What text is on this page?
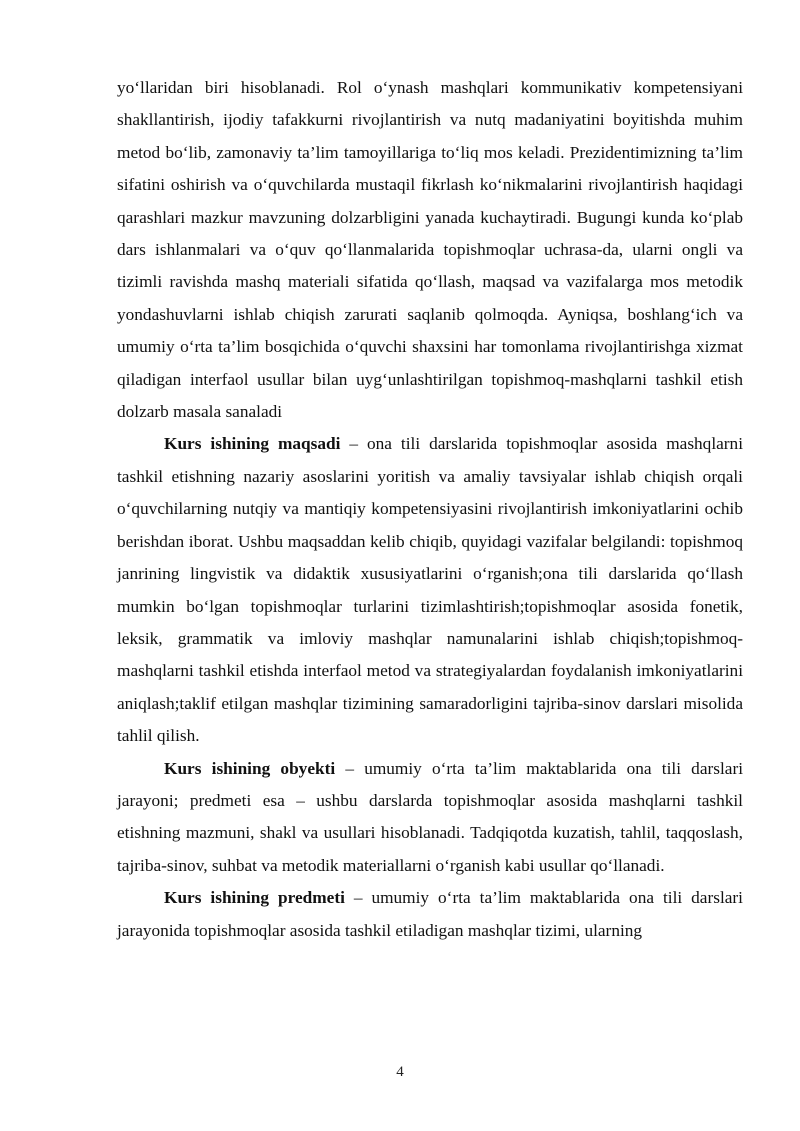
yo‘llaridan biri hisoblanadi. Rol o‘ynash mashqlari kommunikativ kompetensiyani shakllantirish, ijodiy tafakkurni rivojlantirish va nutq madaniyatini boyitishda muhim metod bo‘lib, zamonaviy ta’lim tamoyillariga to‘liq mos keladi. Prezidentimizning ta’lim sifatini oshirish va o‘quvchilarda mustaqil fikrlash ko‘nikmalarini rivojlantirish haqidagi qarashlari mazkur mavzuning dolzarbligini yanada kuchaytiradi. Bugungi kunda ko‘plab dars ishlanmalari va o‘quv qo‘llanmalarida topishmoqlar uchrasa-da, ularni ongli va tizimli ravishda mashq materiali sifatida qo‘llash, maqsad va vazifalarga mos metodik yondashuvlarni ishlab chiqish zarurati saqlanib qolmoqda. Ayniqsa, boshlang‘ich va umumiy o‘rta ta’lim bosqichida o‘quvchi shaxsini har tomonlama rivojlantirishga xizmat qiladigan interfaol usullar bilan uyg‘unlashtirilgan topishmoq-mashqlarni tashkil etish dolzarb masala sanaladi

Kurs ishining maqsadi – ona tili darslarida topishmoqlar asosida mashqlarni tashkil etishning nazariy asoslarini yoritish va amaliy tavsiyalar ishlab chiqish orqali o‘quvchilarning nutqiy va mantiqiy kompetensiyasini rivojlantirish imkoniyatlarini ochib berishdan iborat. Ushbu maqsaddan kelib chiqib, quyidagi vazifalar belgilandi: topishmoq janrining lingvistik va didaktik xususiyatlarini o‘rganish;ona tili darslarida qo‘llash mumkin bo‘lgan topishmoqlar turlarini tizimlashtirish;topishmoqlar asosida fonetik, leksik, grammatik va imloviy mashqlar namunalarini ishlab chiqish;topishmoq-mashqlarni tashkil etishda interfaol metod va strategiyalardan foydalanish imkoniyatlarini aniqlash;taklif etilgan mashqlar tizimining samaradorligini tajriba-sinov darslari misolida tahlil qilish.

Kurs ishining obyekti – umumiy o‘rta ta’lim maktablarida ona tili darslari jarayoni; predmeti esa – ushbu darslarda topishmoqlar asosida mashqlarni tashkil etishning mazmuni, shakl va usullari hisoblanadi. Tadqiqotda kuzatish, tahlil, taqqoslash, tajriba-sinov, suhbat va metodik materiallarni o‘rganish kabi usullar qo‘llanadi.

Kurs ishining predmeti – umumiy o‘rta ta’lim maktablarida ona tili darslari jarayonida topishmoqlar asosida tashkil etiladigan mashqlar tizimi, ularning

4
